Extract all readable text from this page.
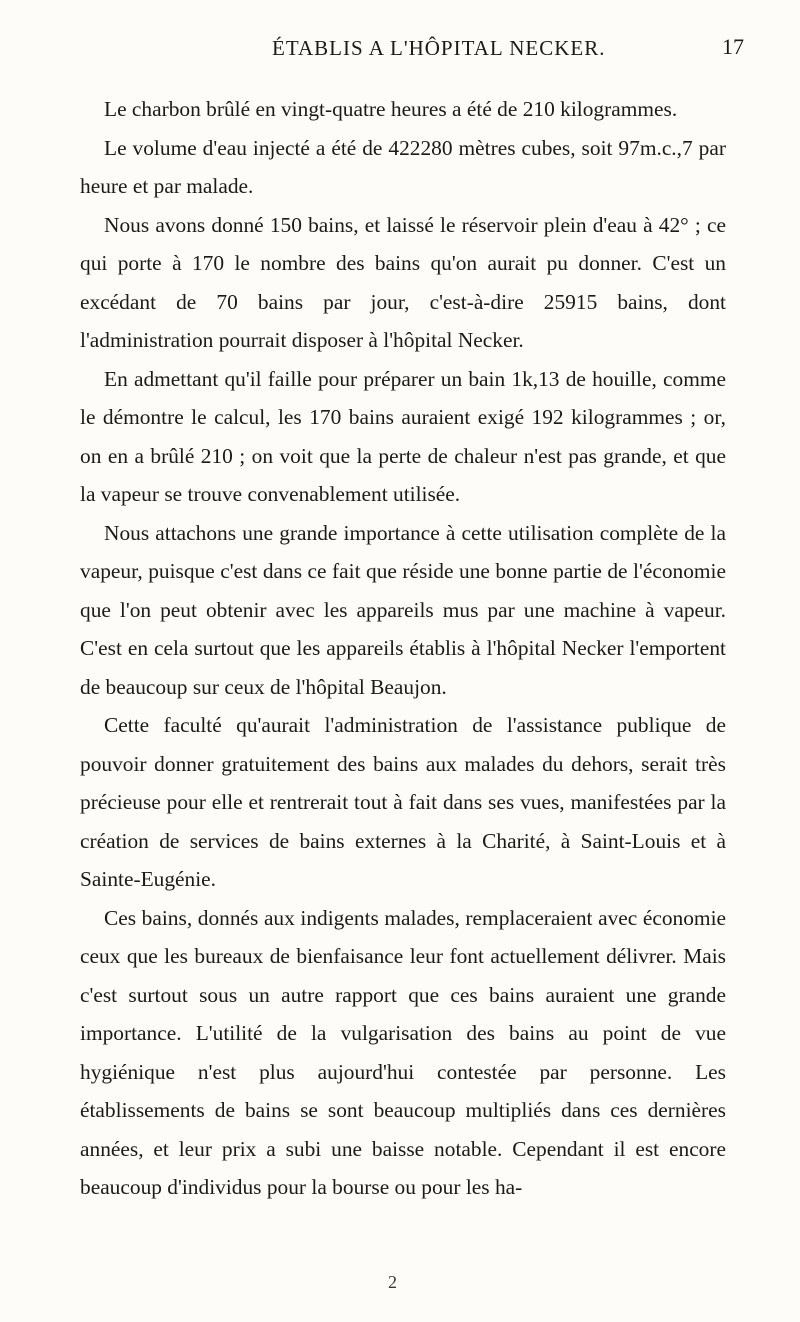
ÉTABLIS A L'HÔPITAL NECKER.	17

Le charbon brûlé en vingt-quatre heures a été de 210 kilogrammes.

Le volume d'eau injecté a été de 422280 mètres cubes, soit 97m.c.,7 par heure et par malade.

Nous avons donné 150 bains, et laissé le réservoir plein d'eau à 42° ; ce qui porte à 170 le nombre des bains qu'on aurait pu donner. C'est un excédant de 70 bains par jour, c'est-à-dire 25915 bains, dont l'administration pourrait disposer à l'hôpital Necker.

En admettant qu'il faille pour préparer un bain 1k,13 de houille, comme le démontre le calcul, les 170 bains auraient exigé 192 kilogrammes ; or, on en a brûlé 210 ; on voit que la perte de chaleur n'est pas grande, et que la vapeur se trouve convenablement utilisée.

Nous attachons une grande importance à cette utilisation complète de la vapeur, puisque c'est dans ce fait que réside une bonne partie de l'économie que l'on peut obtenir avec les appareils mus par une machine à vapeur. C'est en cela surtout que les appareils établis à l'hôpital Necker l'emportent de beaucoup sur ceux de l'hôpital Beaujon.

Cette faculté qu'aurait l'administration de l'assistance publique de pouvoir donner gratuitement des bains aux malades du dehors, serait très précieuse pour elle et rentrerait tout à fait dans ses vues, manifestées par la création de services de bains externes à la Charité, à Saint-Louis et à Sainte-Eugénie.

Ces bains, donnés aux indigents malades, remplaceraient avec économie ceux que les bureaux de bienfaisance leur font actuellement délivrer. Mais c'est surtout sous un autre rapport que ces bains auraient une grande importance. L'utilité de la vulgarisation des bains au point de vue hygiénique n'est plus aujourd'hui contestée par personne. Les établissements de bains se sont beaucoup multipliés dans ces dernières années, et leur prix a subi une baisse notable. Cependant il est encore beaucoup d'individus pour la bourse ou pour les ha-

2
